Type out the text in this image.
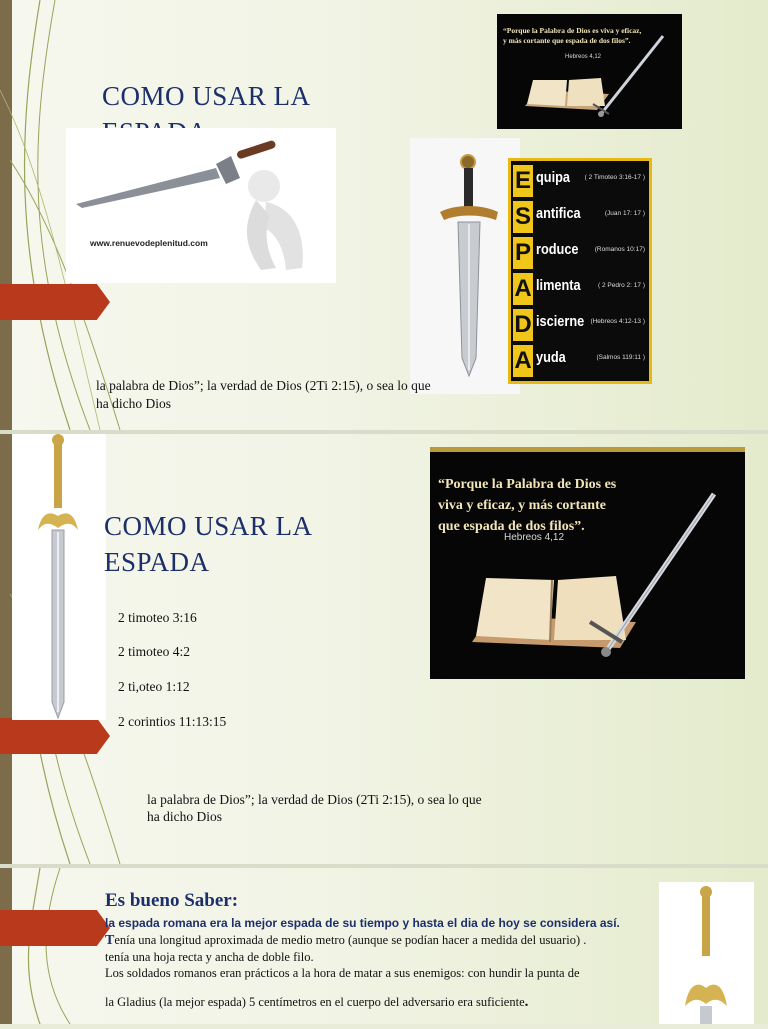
COMO USAR LA
“Porque la Palabra de Dios es viva y eficaz, y más cortante que espada de dos filos”.
Hebreos 4,12
www.renuevodeplenitud.com
E quipa ( 2 Timoteo 3:16-17 )
S antifica	(Juan 17: 17 )
P roduce	(Romanos 10:17)
A limenta	( 2 Pedro 2: 17 )
D iscierne (Hebreos 4:12-13 )
A yuda	(Salmos 119:11 )
la palabra de Dios”; la verdad de Dios (2Ti 2:15), o sea lo que
ha dicho Dios
COMO USAR LA
ESPADA
“Porque la Palabra de Dios es
viva y eficaz, y más cortante
que espada de dos filos”.
Hebreos 4,12
2 timoteo 3:16
2 timoteo 4:2
2 ti,oteo 1:12
2 corintios 11:13:15
la palabra de Dios”; la verdad de Dios (2Ti 2:15), o sea lo que
ha dicho Dios
Es bueno Saber:
la espada romana era la mejor espada de su tiempo y hasta el dia de hoy se considera así.
Tenía una longitud aproximada de medio metro (aunque se podían hacer a medida del usuario) .
tenía una hoja recta y ancha de doble filo.
Los soldados romanos eran prácticos a la hora de matar a sus enemigos: con hundir la punta de
la Gladius (la mejor espada) 5 centímetros en el cuerpo del adversario era suficiente.
